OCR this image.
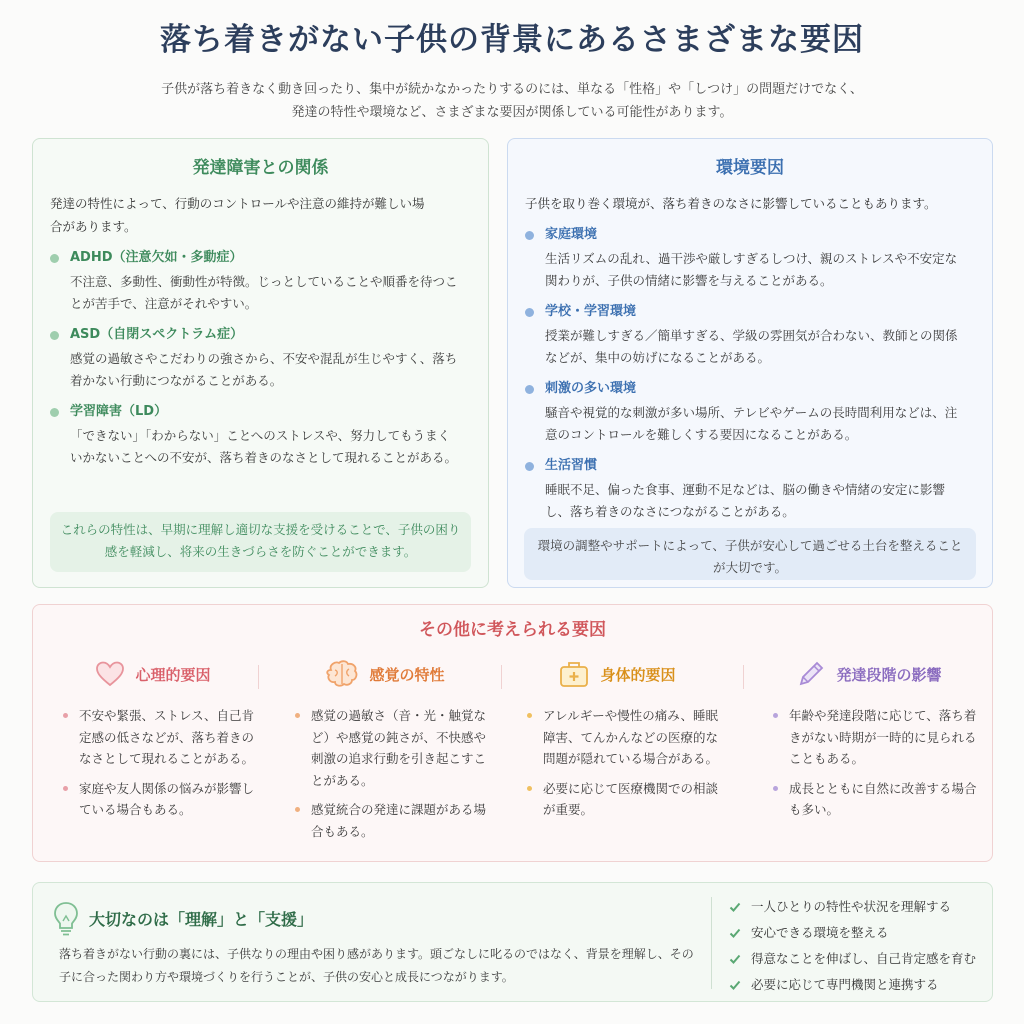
落ち着きがない子供の背景にあるさまざまな要因
子供が落ち着きなく動き回ったり、集中が続かなかったりするのには、単なる「性格」や「しつけ」の問題だけでなく、
発達の特性や環境など、さまざまな要因が関係している可能性があります。
発達障害との関係
発達の特性によって、行動のコントロールや注意の維持が難しい場合があります。
ADHD（注意欠如・多動症）
不注意、多動性、衝動性が特徴。じっとしていることや順番を待つことが苦手で、注意がそれやすい。
ASD（自閉スペクトラム症）
感覚の過敏さやこだわりの強さから、不安や混乱が生じやすく、落ち着かない行動につながることがある。
学習障害（LD）
「できない」「わからない」ことへのストレスや、努力してもうまくいかないことへの不安が、落ち着きのなさとして現れることがある。
これらの特性は、早期に理解し適切な支援を受けることで、子供の困り感を軽減し、将来の生きづらさを防ぐことができます。
環境要因
子供を取り巻く環境が、落ち着きのなさに影響していることもあります。
家庭環境
生活リズムの乱れ、過干渉や厳しすぎるしつけ、親のストレスや不安定な関わりが、子供の情緒に影響を与えることがある。
学校・学習環境
授業が難しすぎる／簡単すぎる、学級の雰囲気が合わない、教師との関係などが、集中の妨げになることがある。
刺激の多い環境
騒音や視覚的な刺激が多い場所、テレビやゲームの長時間利用などは、注意のコントロールを難しくする要因になることがある。
生活習慣
睡眠不足、偏った食事、運動不足などは、脳の働きや情緒の安定に影響し、落ち着きのなさにつながることがある。
環境の調整やサポートによって、子供が安心して過ごせる土台を整えることが大切です。
その他に考えられる要因
心理的要因
不安や緊張、ストレス、自己肯定感の低さなどが、落ち着きのなさとして現れることがある。
家庭や友人関係の悩みが影響している場合もある。
感覚の特性
感覚の過敏さ（音・光・触覚など）や感覚の鈍さが、不快感や刺激の追求行動を引き起こすことがある。
感覚統合の発達に課題がある場合もある。
身体的要因
アレルギーや慢性の痛み、睡眠障害、てんかんなどの医療的な問題が隠れている場合がある。
必要に応じて医療機関での相談が重要。
発達段階の影響
年齢や発達段階に応じて、落ち着きがない時期が一時的に見られることもある。
成長とともに自然に改善する場合も多い。
大切なのは「理解」と「支援」
落ち着きがない行動の裏には、子供なりの理由や困り感があります。頭ごなしに叱るのではなく、背景を理解し、その子に合った関わり方や環境づくりを行うことが、子供の安心と成長につながります。
一人ひとりの特性や状況を理解する
安心できる環境を整える
得意なことを伸ばし、自己肯定感を育む
必要に応じて専門機関と連携する
